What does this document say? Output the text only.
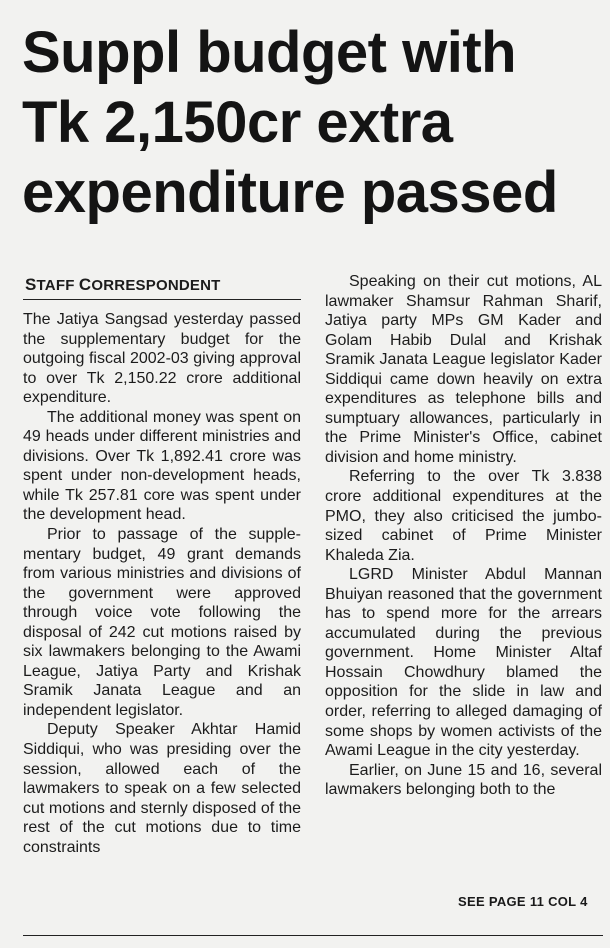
Suppl budget with
Tk 2,150cr extra
expenditure passed
STAFF CORRESPONDENT

The Jatiya Sangsad yesterday passed the supplementary budget for the outgoing fiscal 2002-03 giving approval to over Tk 2,150.22 crore additional expenditure.

The additional money was spent on 49 heads under different ministries and divisions. Over Tk 1,892.41 crore was spent under non-development heads, while Tk 257.81 core was spent under the development head.

Prior to passage of the supplementary budget, 49 grant demands from various ministries and divisions of the government were approved through voice vote following the disposal of 242 cut motions raised by six lawmakers belonging to the Awami League, Jatiya Party and Krishak Sramik Janata League and an independent legislator.

Deputy Speaker Akhtar Hamid Siddiqui, who was presiding over the session, allowed each of the lawmakers to speak on a few selected cut motions and sternly disposed of the rest of the cut motions due to time constraints

Speaking on their cut motions, AL lawmaker Shamsur Rahman Sharif, Jatiya party MPs GM Kader and Golam Habib Dulal and Krishak Sramik Janata League legislator Kader Siddiqui came down heavily on extra expenditures as telephone bills and sumptuary allowances, particularly in the Prime Minister's Office, cabinet division and home ministry.

Referring to the over Tk 3.838 crore additional expenditures at the PMO, they also criticised the jumbosized cabinet of Prime Minister Khaleda Zia.

LGRD Minister Abdul Mannan Bhuiyan reasoned that the government has to spend more for the arrears accumulated during the previous government. Home Minister Altaf Hossain Chowdhury blamed the opposition for the slide in law and order, referring to alleged damaging of some shops by women activists of the Awami League in the city yesterday.

Earlier, on June 15 and 16, several lawmakers belonging both to the

SEE PAGE 11 COL 4
